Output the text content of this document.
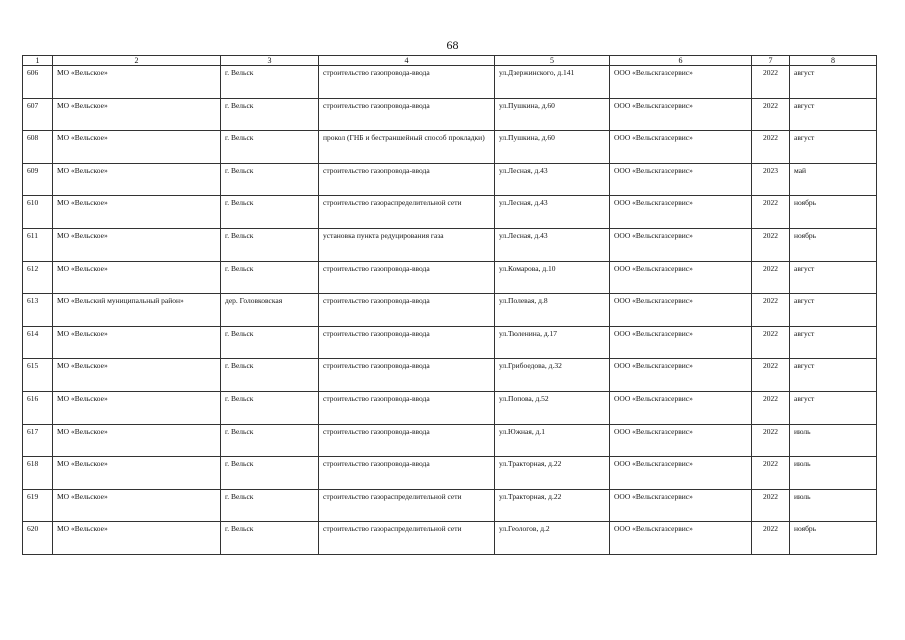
68
1	2	3	4	5	6	7	8
606	МО «Вельское»	г. Вельск	строительство газопровода-ввода	ул.Дзержинского, д.141	ООО «Вельскгазсервис»	2022	август
607	МО «Вельское»	г. Вельск	строительство газопровода-ввода	ул.Пушкина, д.60	ООО «Вельскгазсервис»	2022	август
608	МО «Вельское»	г. Вельск	прокол (ГНБ и бестраншейный способ прокладки)	ул.Пушкина, д.60	ООО «Вельскгазсервис»	2022	август
609	МО «Вельское»	г. Вельск	строительство газопровода-ввода	ул.Лесная, д.43	ООО «Вельскгазсервис»	2023	май
610	МО «Вельское»	г. Вельск	строительство газораспределительной сети	ул.Лесная, д.43	ООО «Вельскгазсервис»	2022	ноябрь
611	МО «Вельское»	г. Вельск	установка пункта редуцирования газа	ул.Лесная, д.43	ООО «Вельскгазсервис»	2022	ноябрь
612	МО «Вельское»	г. Вельск	строительство газопровода-ввода	ул.Комарова, д.10	ООО «Вельскгазсервис»	2022	август
613	МО «Вельский муниципальный район»	дер. Головковская	строительство газопровода-ввода	ул.Полевая, д.8	ООО «Вельскгазсервис»	2022	август
614	МО «Вельское»	г. Вельск	строительство газопровода-ввода	ул.Тюленина, д.17	ООО «Вельскгазсервис»	2022	август
615	МО «Вельское»	г. Вельск	строительство газопровода-ввода	ул.Грибоедова, д.32	ООО «Вельскгазсервис»	2022	август
616	МО «Вельское»	г. Вельск	строительство газопровода-ввода	ул.Попова, д.52	ООО «Вельскгазсервис»	2022	август
617	МО «Вельское»	г. Вельск	строительство газопровода-ввода	ул.Южная, д.1	ООО «Вельскгазсервис»	2022	июль
618	МО «Вельское»	г. Вельск	строительство газопровода-ввода	ул.Тракторная, д.22	ООО «Вельскгазсервис»	2022	июль
619	МО «Вельское»	г. Вельск	строительство газораспределительной сети	ул.Тракторная, д.22	ООО «Вельскгазсервис»	2022	июль
620	МО «Вельское»	г. Вельск	строительство газораспределительной сети	ул.Геологов, д.2	ООО «Вельскгазсервис»	2022	ноябрь
